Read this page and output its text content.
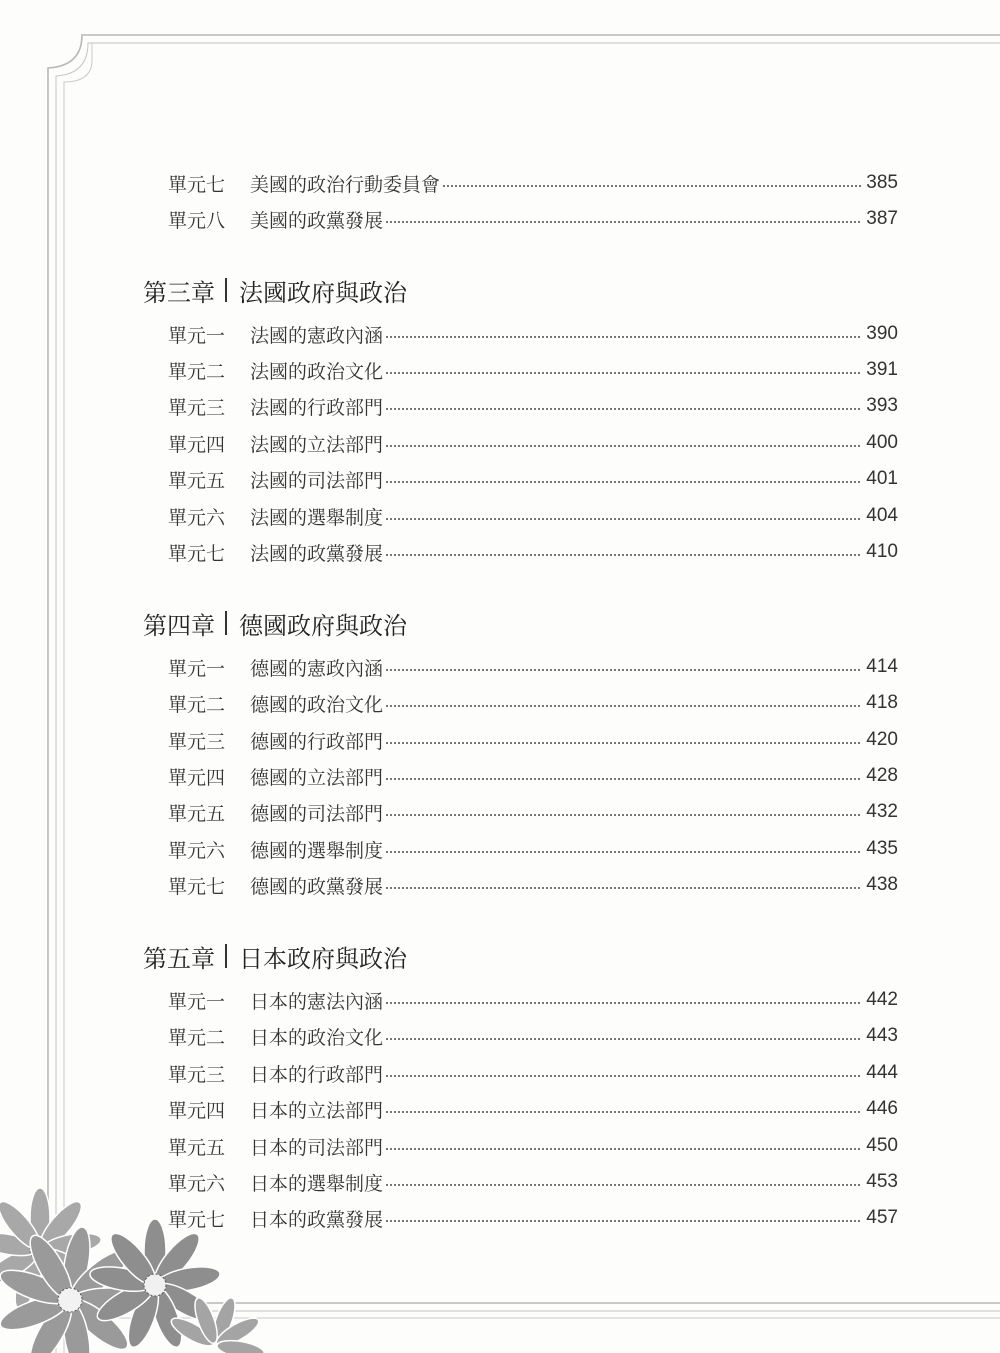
單元七	美國的政治行動委員會	385
單元八	美國的政黨發展	387
第三章 法國政府與政治
單元一	法國的憲政內涵	390
單元二	法國的政治文化	391
單元三	法國的行政部門	393
單元四	法國的立法部門	400
單元五	法國的司法部門	401
單元六	法國的選舉制度	404
單元七	法國的政黨發展	410
第四章 德國政府與政治
單元一	德國的憲政內涵	414
單元二	德國的政治文化	418
單元三	德國的行政部門	420
單元四	德國的立法部門	428
單元五	德國的司法部門	432
單元六	德國的選舉制度	435
單元七	德國的政黨發展	438
第五章 日本政府與政治
單元一	日本的憲法內涵	442
單元二	日本的政治文化	443
單元三	日本的行政部門	444
單元四	日本的立法部門	446
單元五	日本的司法部門	450
單元六	日本的選舉制度	453
單元七	日本的政黨發展	457
